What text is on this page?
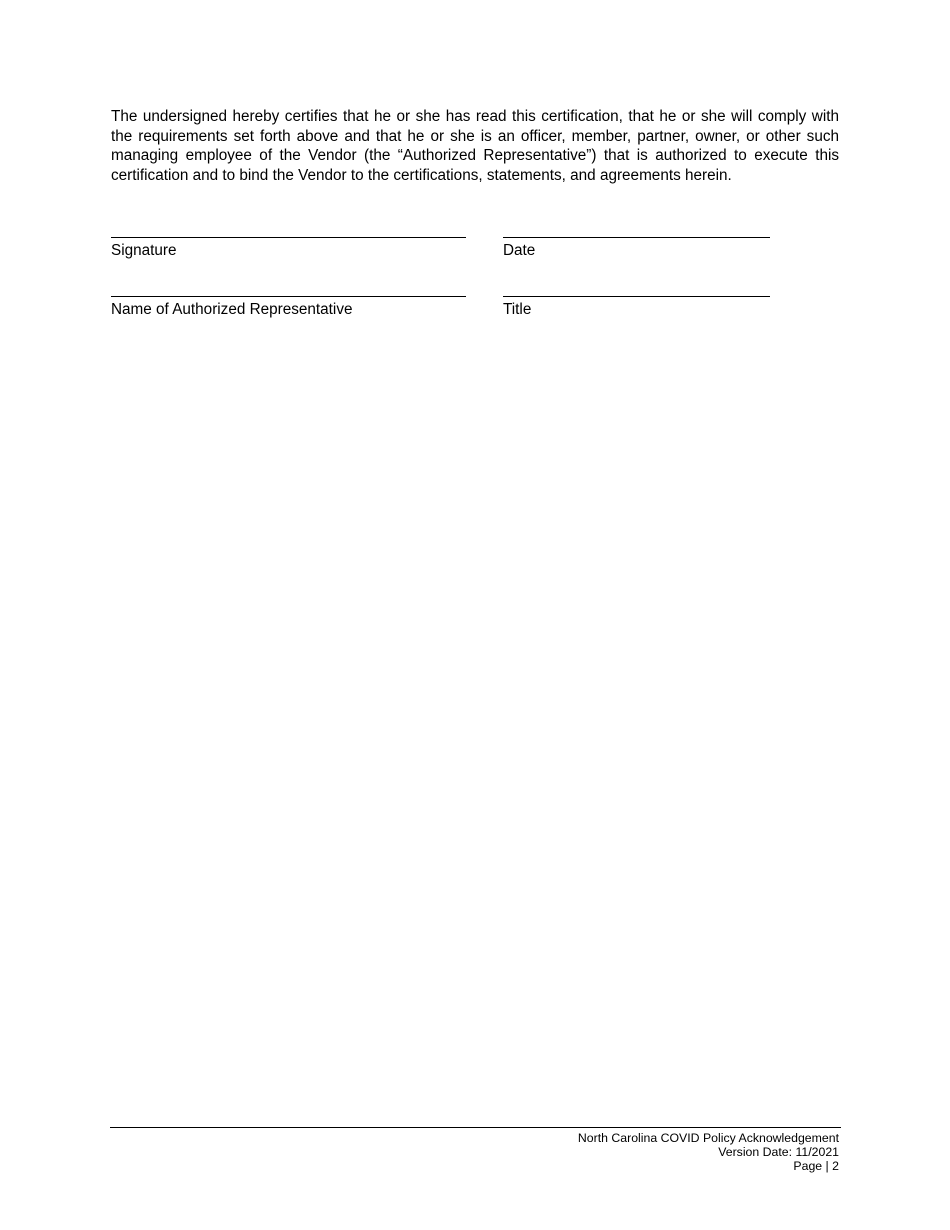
The undersigned hereby certifies that he or she has read this certification, that he or she will comply with the requirements set forth above and that he or she is an officer, member, partner, owner, or other such managing employee of the Vendor (the “Authorized Representative”) that is authorized to execute this certification and to bind the Vendor to the certifications, statements, and agreements herein.

Signature	Date
Name of Authorized Representative	Title
North Carolina COVID Policy Acknowledgement
Version Date: 11/2021
Page | 2
